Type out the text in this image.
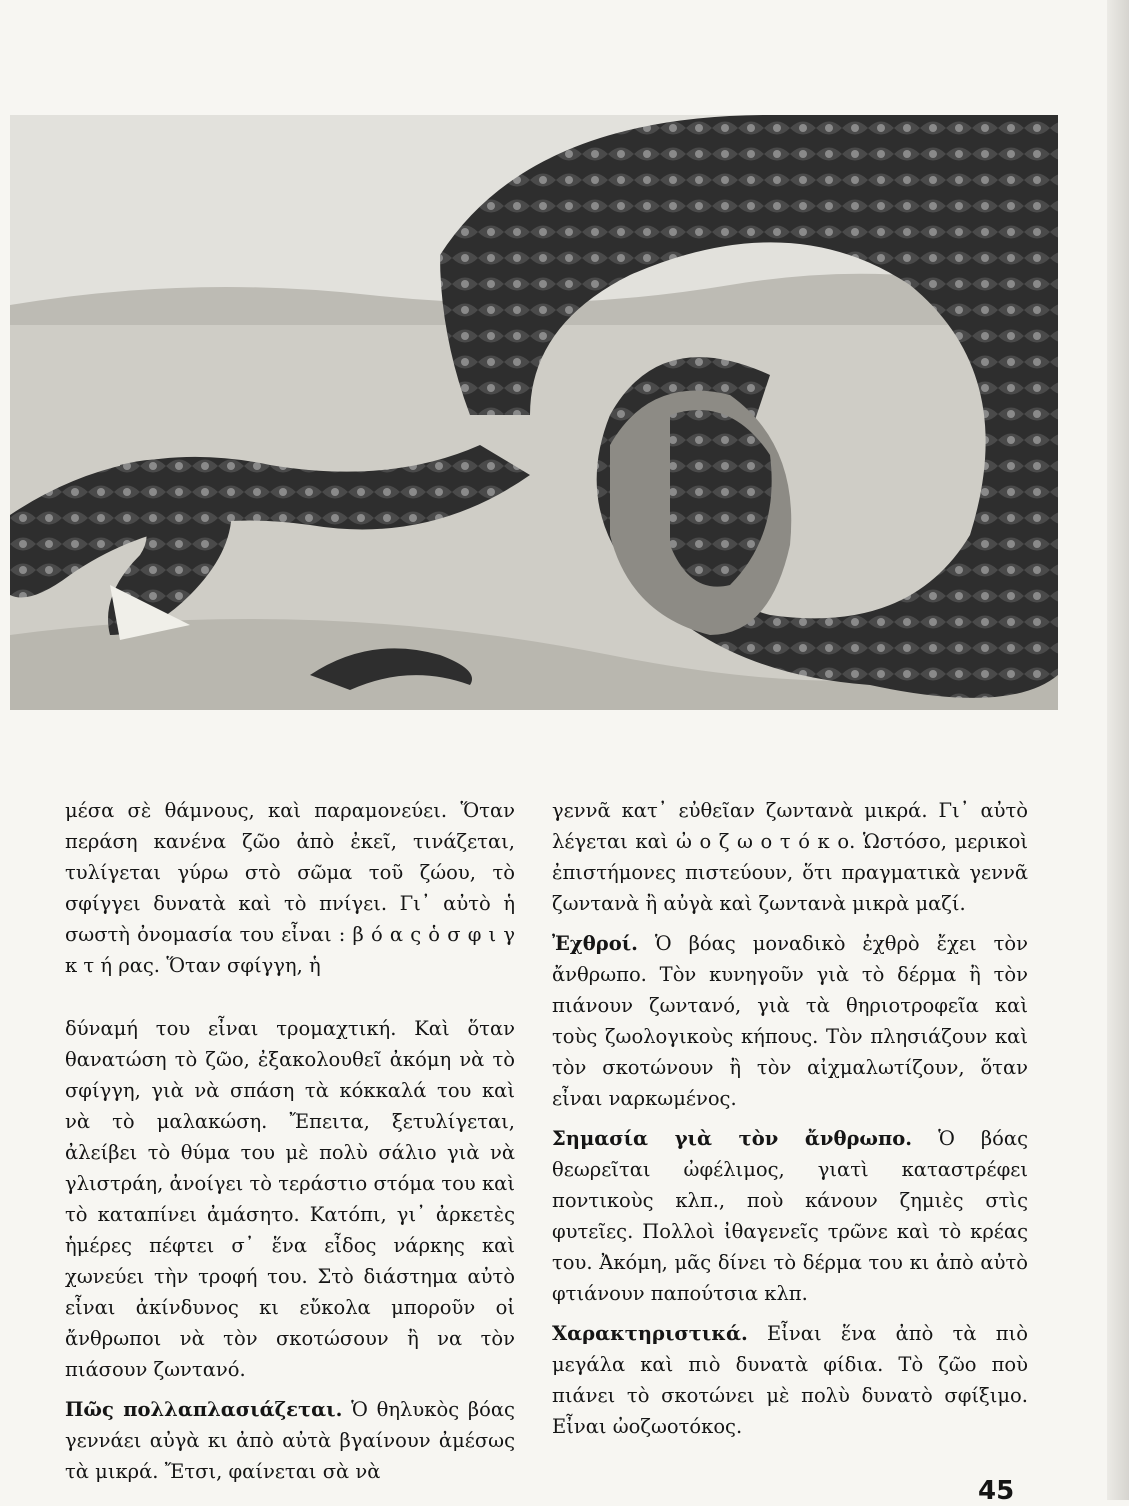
μέσα σὲ θάμνους, καὶ παραμονεύει. Ὅταν περάση κανένα ζῶο ἀπὸ ἐκεῖ, τινάζεται, τυλίγεται γύρω στὸ σῶμα τοῦ ζώου, τὸ σφίγγει δυνατὰ καὶ τὸ πνίγει. Γι᾿ αὐτὸ ἡ σωστὴ ὀνομασία του εἶναι : β ό α ς ὁ σ φ ι γ κ τ ή ρας. Ὅταν σφίγγη, ἡ

δύναμή του εἶναι τρομαχτική. Καὶ ὅταν θανατώση τὸ ζῶο, ἐξακολουθεῖ ἀκόμη νὰ τὸ σφίγγη, γιὰ νὰ σπάση τὰ κόκκαλά του καὶ νὰ τὸ μαλακώση. Ἔπειτα, ξετυλίγεται, ἀλείβει τὸ θύμα του μὲ πολὺ σάλιο γιὰ νὰ γλιστράη, ἀνοίγει τὸ τεράστιο στόμα του καὶ τὸ καταπίνει ἀμάσητο. Κατόπι, γι᾿ ἀρκετὲς ἡμέρες πέφτει σ᾿ ἕνα εἶδος νάρκης καὶ χωνεύει τὴν τροφή του. Στὸ διάστημα αὐτὸ εἶναι ἀκίνδυνος κι εὔκολα μποροῦν οἱ ἄνθρωποι νὰ τὸν σκοτώσουν ἢ να τὸν πιάσουν ζωντανό.

Πῶς πολλαπλασιάζεται. Ὁ θηλυκὸς βόας γεννάει αὐγὰ κι ἀπὸ αὐτὰ βγαίνουν ἀμέσως τὰ μικρά. Ἔτσι, φαίνεται σὰ νὰ

γεννᾶ κατ᾿ εὐθεῖαν ζωντανὰ μικρά. Γι᾿ αὐτὸ λέγεται καὶ ὠ ο ζ ω ο τ ό κ ο. Ὡστόσο, μερικοὶ ἐπιστήμονες πιστεύουν, ὅτι πραγματικὰ γεννᾶ ζωντανὰ ἢ αὐγὰ καὶ ζωντανὰ μικρὰ μαζί.

Ἐχθροί. Ὁ βόας μοναδικὸ ἐχθρὸ ἔχει τὸν ἄνθρωπο. Τὸν κυνηγοῦν γιὰ τὸ δέρμα ἢ τὸν πιάνουν ζωντανό, γιὰ τὰ θηριοτροφεῖα καὶ τοὺς ζωολογικοὺς κήπους. Τὸν πλησιάζουν καὶ τὸν σκοτώνουν ἢ τὸν αἰχμαλωτίζουν, ὅταν εἶναι ναρκωμένος.

Σημασία γιὰ τὸν ἄνθρωπο. Ὁ βόας θεωρεῖται ὠφέλιμος, γιατὶ καταστρέφει ποντικοὺς κλπ., ποὺ κάνουν ζημιὲς στὶς φυτεῖες. Πολλοὶ ἰθαγενεῖς τρῶνε καὶ τὸ κρέας του. Ἀκόμη, μᾶς δίνει τὸ δέρμα του κι ἀπὸ αὐτὸ φτιάνουν παπούτσια κλπ.

Χαρακτηριστικά. Εἶναι ἕνα ἀπὸ τὰ πιὸ μεγάλα καὶ πιὸ δυνατὰ φίδια. Τὸ ζῶο ποὺ πιάνει τὸ σκοτώνει μὲ πολὺ δυνατὸ σφίξιμο. Εἶναι ὠοζωοτόκος.

45
